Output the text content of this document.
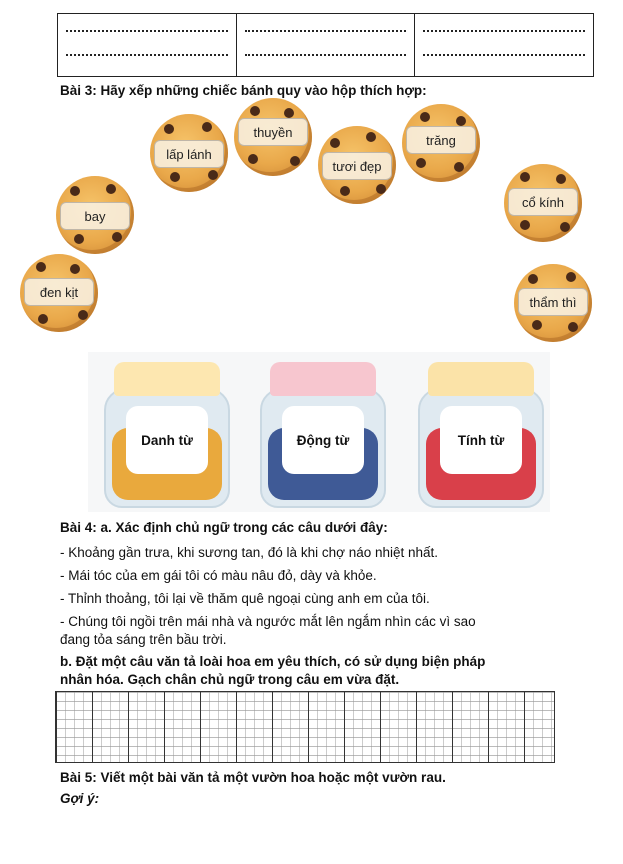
Bài 3: Hãy xếp những chiếc bánh quy vào hộp thích hợp:
lấp lánh
thuyền
tươi đẹp
trăng
bay
cổ kính
đen kịt
thẩm thì
Danh từ	Động từ	Tính từ
Bài 4: a. Xác định chủ ngữ trong các câu dưới đây:
- Khoảng gần trưa, khi sương tan, đó là khi chợ náo nhiệt nhất.
- Mái tóc của em gái tôi có màu nâu đỏ, dày và khỏe.
- Thỉnh thoảng, tôi lại về thăm quê ngoại cùng anh em của tôi.
- Chúng tôi ngồi trên mái nhà và ngước mắt lên ngắm nhìn các vì sao
đang tỏa sáng trên bầu trời.
b. Đặt một câu văn tả loài hoa em yêu thích, có sử dụng biện pháp
nhân hóa. Gạch chân chủ ngữ trong câu em vừa đặt.
Bài 5: Viết một bài văn tả một vườn hoa hoặc một vườn rau.
Gợi ý:
